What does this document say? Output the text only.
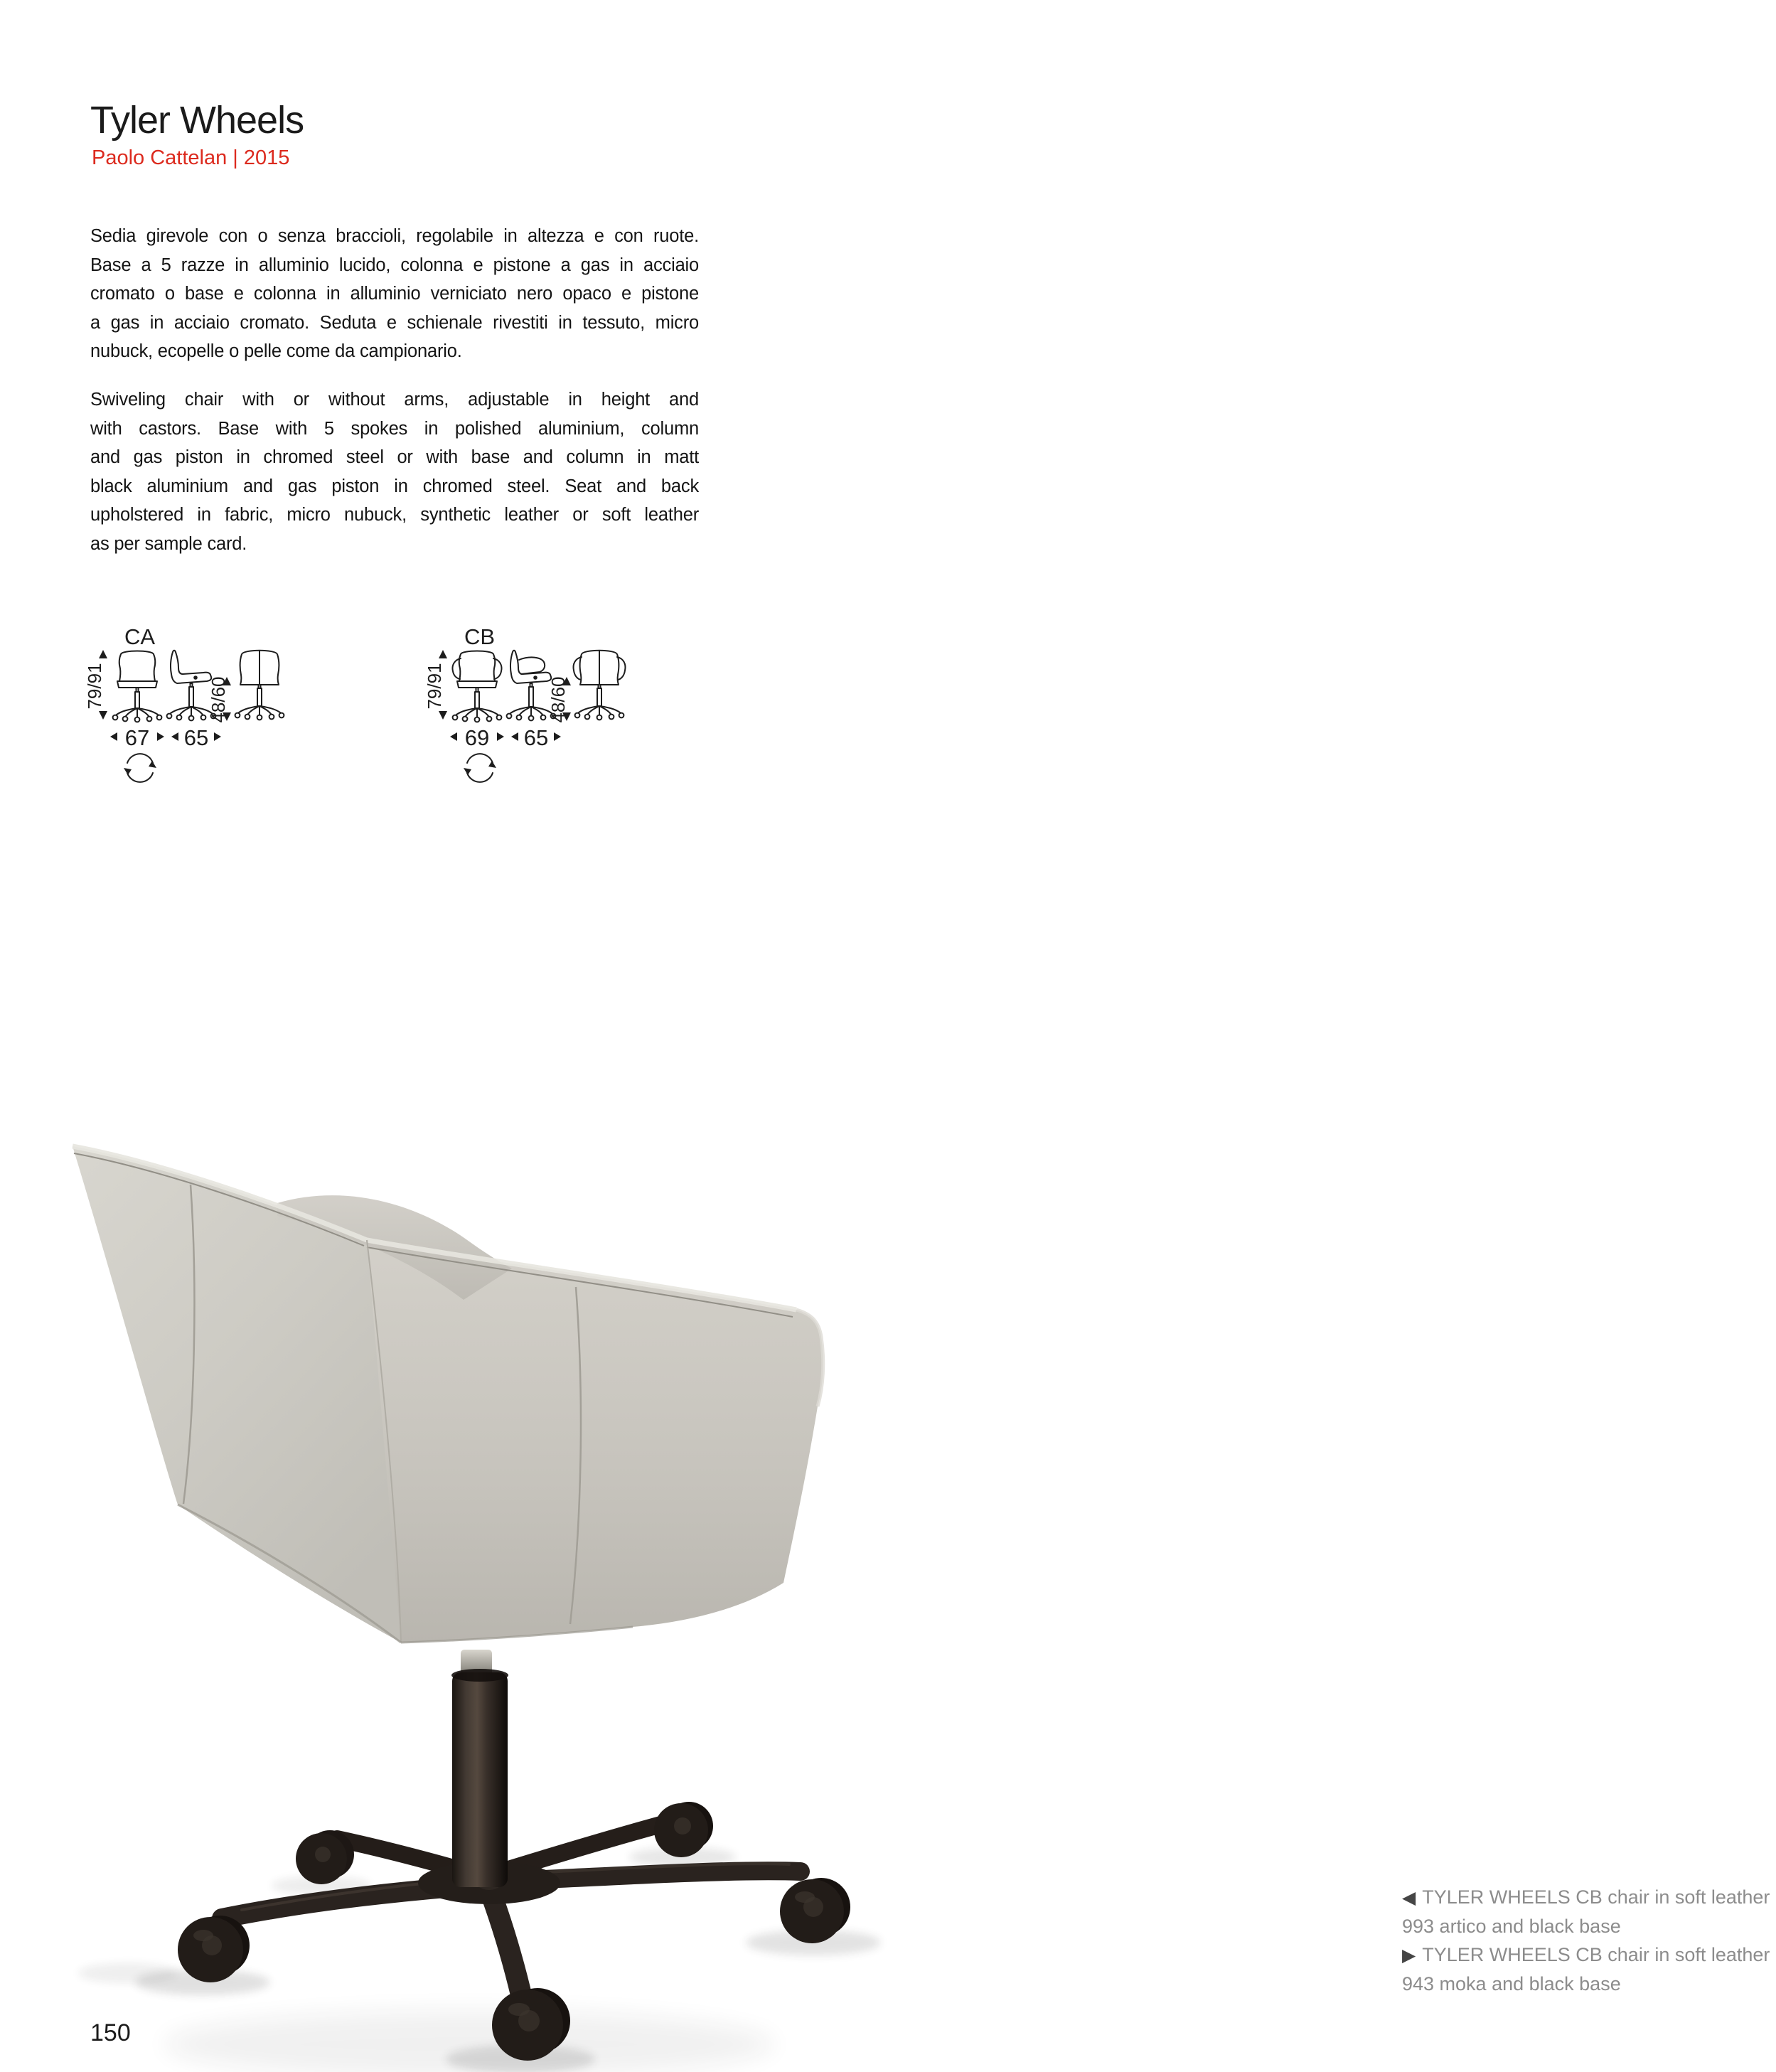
Tyler Wheels
Paolo Cattelan | 2015
Sedia girevole con o senza braccioli, regolabile in altezza e con ruote.
Base a 5 razze in alluminio lucido, colonna e pistone a gas in acciaio
cromato o base e colonna in alluminio verniciato nero opaco e pistone
a gas in acciaio cromato. Seduta e schienale rivestiti in tessuto, micro
nubuck, ecopelle o pelle come da campionario.
Swiveling chair with or without arms, adjustable in height and
with castors. Base with 5 spokes in polished aluminium, column
and gas piston in chromed steel or with base and column in matt
black aluminium and gas piston in chromed steel. Seat and back
upholstered in fabric, micro nubuck, synthetic leather or soft leather
as per sample card.
CA
79/91	48/60
67 65
CB
79/91	48/60
69 65
◀ TYLER WHEELS CB chair in soft leather
993 artico and black base
▶ TYLER WHEELS CB chair in soft leather
943 moka and black base
150
